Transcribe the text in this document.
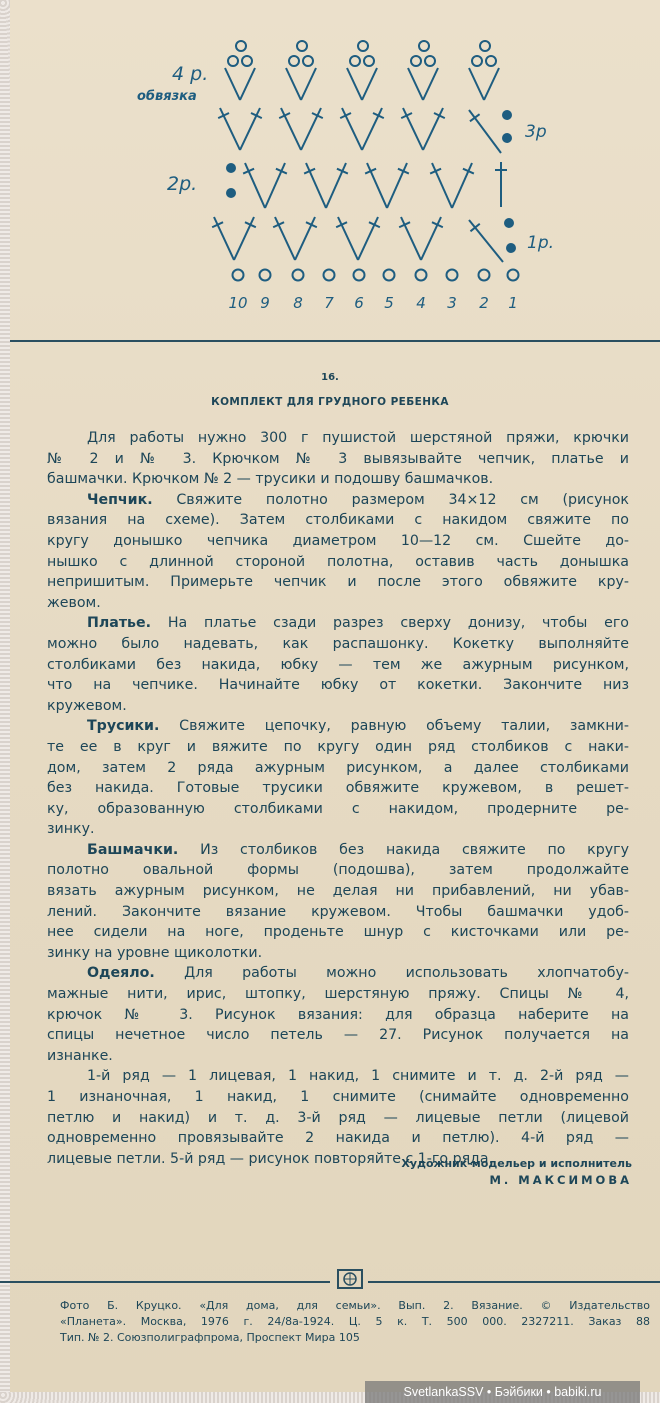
4 р.
обвязка
3р
2р.
1р.
10 9 8 7 6 5 4 3 2 1
16.
КОМПЛЕКТ ДЛЯ ГРУДНОГО РЕБЕНКА
Для работы нужно 300 г пушистой шерстяной пряжи, крючки
№ 2 и № 3. Крючком № 3 вывязывайте чепчик, платье и
башмачки. Крючком № 2 — трусики и подошву башмачков.
Чепчик. Свяжите полотно размером 34×12 см (рисунок
вязания на схеме). Затем столбиками с накидом свяжите по
кругу донышко чепчика диаметром 10—12 см. Сшейте до-
нышко с длинной стороной полотна, оставив часть донышка
непришитым. Примерьте чепчик и после этого обвяжите кру-
жевом.
Платье. На платье сзади разрез сверху донизу, чтобы его
можно было надевать, как распашонку. Кокетку выполняйте
столбиками без накида, юбку — тем же ажурным рисунком,
что на чепчике. Начинайте юбку от кокетки. Закончите низ
кружевом.
Трусики. Свяжите цепочку, равную объему талии, замкни-
те ее в круг и вяжите по кругу один ряд столбиков с наки-
дом, затем 2 ряда ажурным рисунком, а далее столбиками
без накида. Готовые трусики обвяжите кружевом, в решет-
ку, образованную столбиками с накидом, продерните ре-
зинку.
Башмачки. Из столбиков без накида свяжите по кругу
полотно овальной формы (подошва), затем продолжайте
вязать ажурным рисунком, не делая ни прибавлений, ни убав-
лений. Закончите вязание кружевом. Чтобы башмачки удоб-
нее сидели на ноге, проденьте шнур с кисточками или ре-
зинку на уровне щиколотки.
Одеяло. Для работы можно использовать хлопчатобу-
мажные нити, ирис, штопку, шерстяную пряжу. Спицы № 4,
крючок № 3. Рисунок вязания: для образца наберите на
спицы нечетное число петель — 27. Рисунок получается на
изнанке.
1-й ряд — 1 лицевая, 1 накид, 1 снимите и т. д. 2-й ряд —
1 изнаночная, 1 накид, 1 снимите (снимайте одновременно
петлю и накид) и т. д. 3-й ряд — лицевые петли (лицевой
одновременно провязывайте 2 накида и петлю). 4-й ряд —
лицевые петли. 5-й ряд — рисунок повторяйте с 1-го ряда.
Художник-модельер и исполнитель
М. МАКСИМОВА
Фото Б. Круцко. «Для дома, для семьи». Вып. 2. Вязание. © Издательство
«Планета». Москва, 1976 г. 24/8а-1924. Ц. 5 к. Т. 500 000. 2327211. Заказ 88
Тип. № 2. Союзполиграфпрома, Проспект Мира 105
SvetlankaSSV • Бэйбики • babiki.ru
